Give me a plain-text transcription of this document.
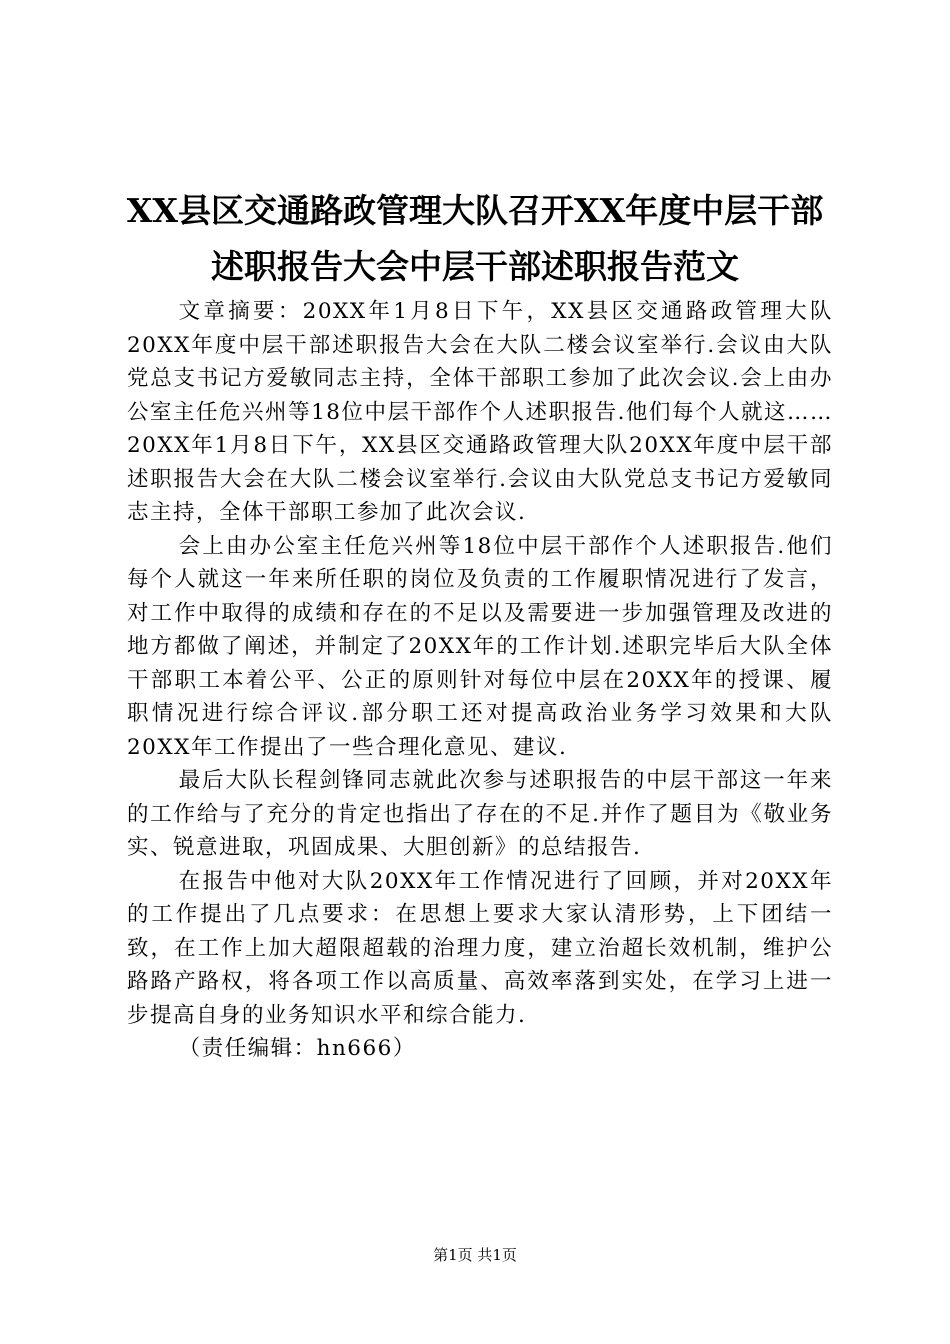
XX县区交通路政管理大队召开XX年度中层干部述职报告大会中层干部述职报告范文

文章摘要：20XX年1月8日下午，XX县区交通路政管理大队20XX年度中层干部述职报告大会在大队二楼会议室举行.会议由大队党总支书记方爱敏同志主持，全体干部职工参加了此次会议.会上由办公室主任危兴州等18位中层干部作个人述职报告.他们每个人就这……20XX年1月8日下午，XX县区交通路政管理大队20XX年度中层干部述职报告大会在大队二楼会议室举行.会议由大队党总支书记方爱敏同志主持，全体干部职工参加了此次会议.

会上由办公室主任危兴州等18位中层干部作个人述职报告.他们每个人就这一年来所任职的岗位及负责的工作履职情况进行了发言，对工作中取得的成绩和存在的不足以及需要进一步加强管理及改进的地方都做了阐述，并制定了20XX年的工作计划.述职完毕后大队全体干部职工本着公平、公正的原则针对每位中层在20XX年的授课、履职情况进行综合评议.部分职工还对提高政治业务学习效果和大队20XX年工作提出了一些合理化意见、建议.

最后大队长程剑锋同志就此次参与述职报告的中层干部这一年来的工作给与了充分的肯定也指出了存在的不足.并作了题目为《敬业务实、锐意进取，巩固成果、大胆创新》的总结报告.

在报告中他对大队20XX年工作情况进行了回顾，并对20XX年的工作提出了几点要求：在思想上要求大家认清形势，上下团结一致，在工作上加大超限超载的治理力度，建立治超长效机制，维护公路路产路权，将各项工作以高质量、高效率落到实处，在学习上进一步提高自身的业务知识水平和综合能力.

（责任编辑：hn666）

第1页 共1页
